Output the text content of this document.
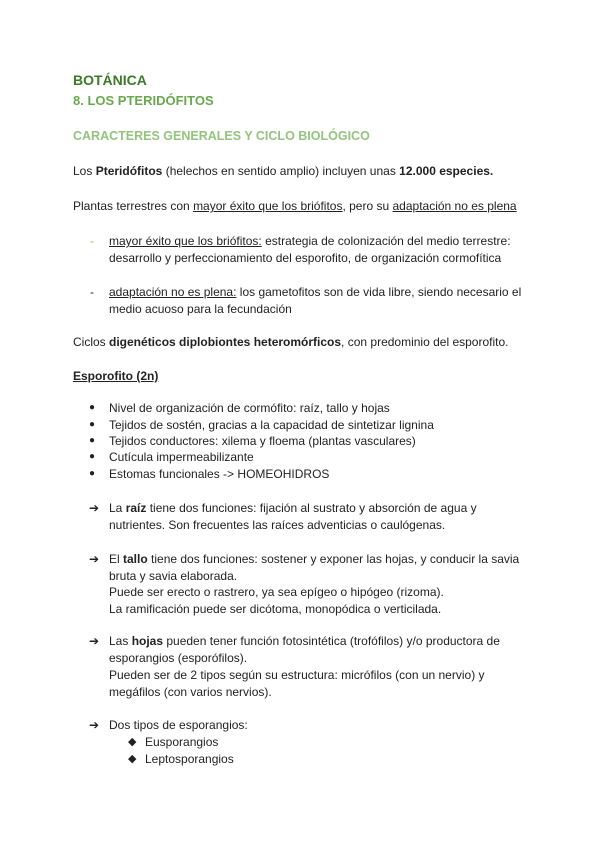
BOTÁNICA
8. LOS PTERIDÓFITOS
CARACTERES GENERALES Y CICLO BIOLÓGICO
Los Pteridófitos (helechos en sentido amplio) incluyen unas 12.000 especies.
Plantas terrestres con mayor éxito que los briófitos, pero su adaptación no es plena
- mayor éxito que los briófitos: estrategia de colonización del medio terrestre:
desarrollo y perfeccionamiento del esporofito, de organización cormofítica
- adaptación no es plena: los gametofitos son de vida libre, siendo necesario el
medio acuoso para la fecundación
Ciclos digenéticos diplobiontes heteromórficos, con predominio del esporofito.
Esporofito (2n)
● Nivel de organización de cormófito: raíz, tallo y hojas
● Tejidos de sostén, gracias a la capacidad de sintetizar lignina
● Tejidos conductores: xilema y floema (plantas vasculares)
● Cutícula impermeabilizante
● Estomas funcionales -> HOMEOHIDROS
➔ La raíz tiene dos funciones: fijación al sustrato y absorción de agua y
nutrientes. Son frecuentes las raíces adventicias o caulógenas.
➔ El tallo tiene dos funciones: sostener y exponer las hojas, y conducir la savia
bruta y savia elaborada.
Puede ser erecto o rastrero, ya sea epígeo o hipógeo (rizoma).
La ramificación puede ser dicótoma, monopódica o verticilada.
➔ Las hojas pueden tener función fotosintética (trofófilos) y/o productora de
esporangios (esporófilos).
Pueden ser de 2 tipos según su estructura: micrófilos (con un nervio) y
megáfilos (con varios nervios).
➔ Dos tipos de esporangios:
◆ Eusporangios
◆ Leptosporangios
